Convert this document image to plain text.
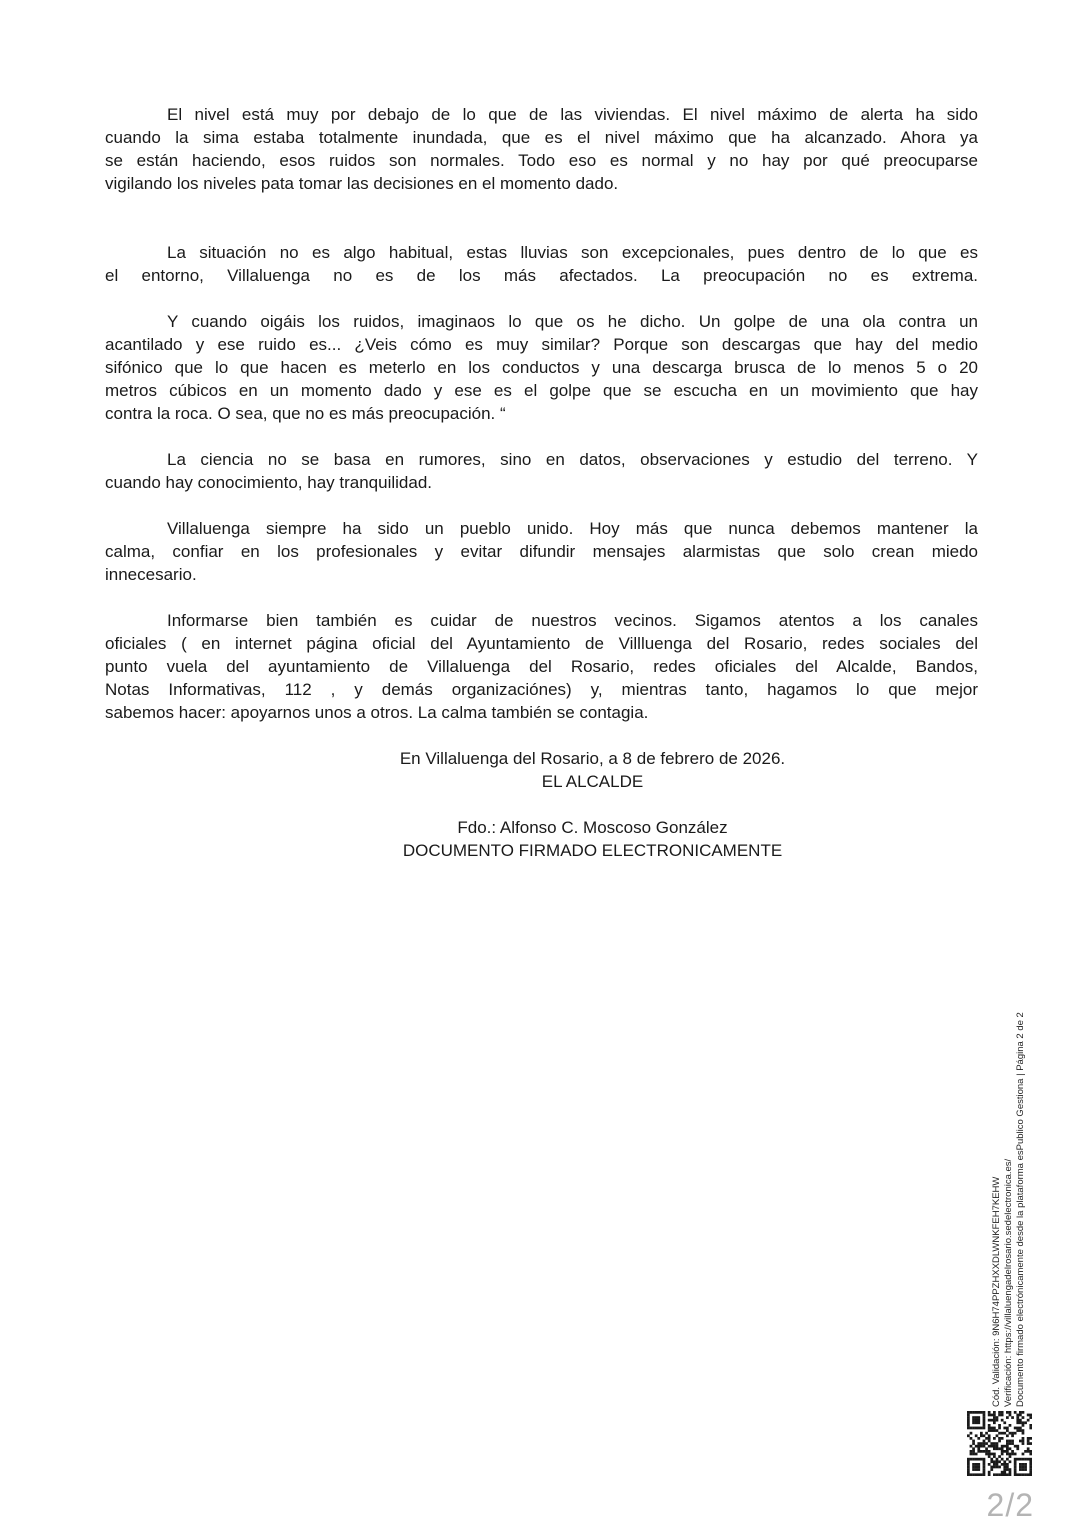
El nivel está muy por debajo de lo que de las viviendas. El nivel máximo de alerta ha sido
cuando la sima estaba totalmente inundada, que es el nivel máximo que ha alcanzado. Ahora ya
se están haciendo, esos ruidos son normales. Todo eso es normal y no hay por qué preocuparse
vigilando los niveles pata tomar las decisiones en el momento dado.
La situación no es algo habitual, estas lluvias son excepcionales, pues dentro de lo que es
el entorno, Villaluenga no es de los más afectados. La preocupación no es extrema.
Y cuando oigáis los ruidos, imaginaos lo que os he dicho. Un golpe de una ola contra un
acantilado y ese ruido es... ¿Veis cómo es muy similar? Porque son descargas que hay del medio
sifónico que lo que hacen es meterlo en los conductos y una descarga brusca de lo menos 5 o 20
metros cúbicos en un momento dado y ese es el golpe que se escucha en un movimiento que hay
contra la roca. O sea, que no es más preocupación. “
La ciencia no se basa en rumores, sino en datos, observaciones y estudio del terreno. Y
cuando hay conocimiento, hay tranquilidad.
Villaluenga siempre ha sido un pueblo unido. Hoy más que nunca debemos mantener la
calma, confiar en los profesionales y evitar difundir mensajes alarmistas que solo crean miedo
innecesario.
Informarse bien también es cuidar de nuestros vecinos. Sigamos atentos a los canales
oficiales ( en internet página oficial del Ayuntamiento de Villluenga del Rosario, redes sociales del
punto vuela del ayuntamiento de Villaluenga del Rosario, redes oficiales del Alcalde, Bandos,
Notas Informativas, 112 , y demás organizaciónes) y, mientras tanto, hagamos lo que mejor
sabemos hacer: apoyarnos unos a otros. La calma también se contagia.
En Villaluenga del Rosario, a 8 de febrero de 2026.
EL ALCALDE
Fdo.: Alfonso C. Moscoso González
DOCUMENTO FIRMADO ELECTRONICAMENTE
Cód. Validación: 9N6H74PPZHXXDLWNKFEH7KEHW Verificación: https://villaluengadelrosario.sedelectronica.es/ Documento firmado electrónicamente desde la plataforma esPublico Gestiona | Página 2 de 2
2/2
